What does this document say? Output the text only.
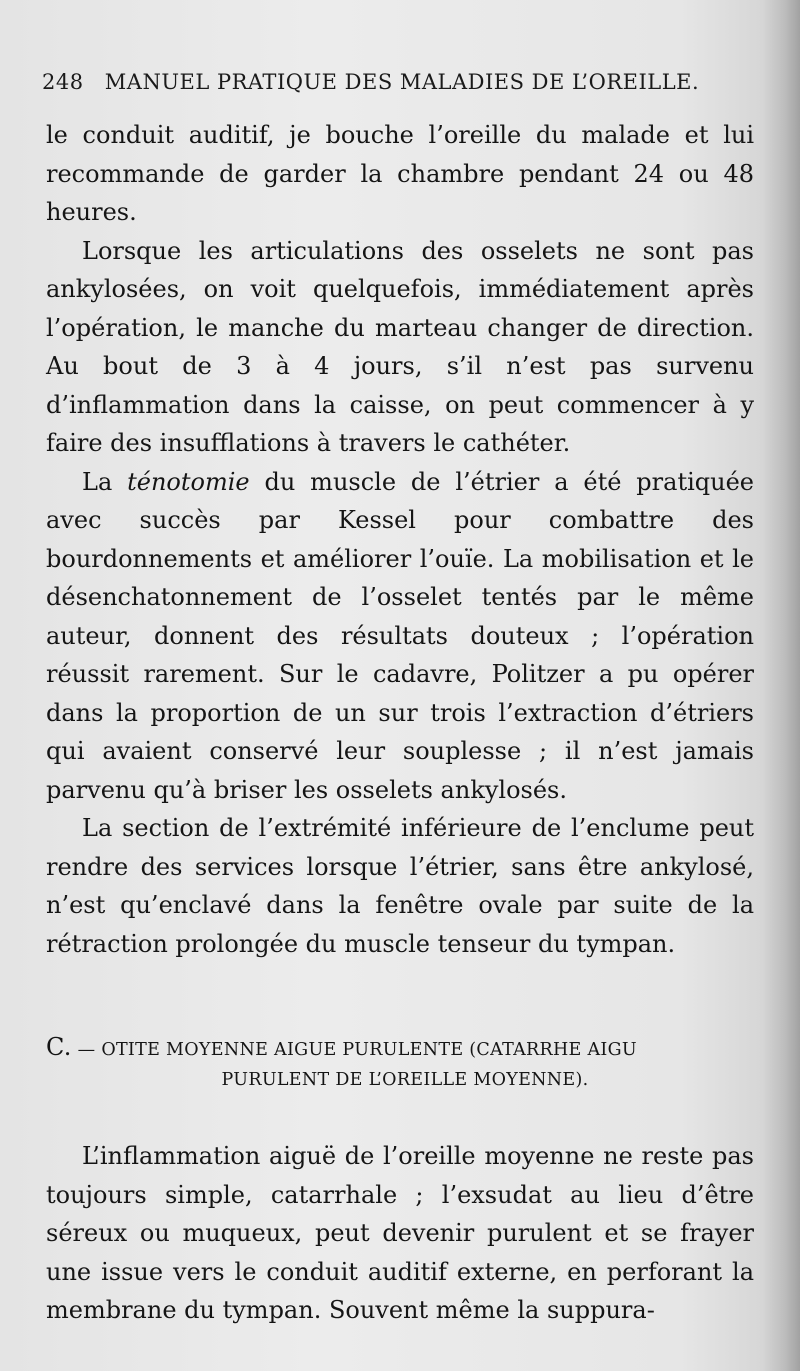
248 MANUEL PRATIQUE DES MALADIES DE L’OREILLE.

le conduit auditif, je bouche l’oreille du malade et lui recommande de garder la chambre pendant 24 ou 48 heures.

Lorsque les articulations des osselets ne sont pas ankylosées, on voit quelquefois, immédiatement après l’opération, le manche du marteau changer de direction. Au bout de 3 à 4 jours, s’il n’est pas survenu d’inflammation dans la caisse, on peut commencer à y faire des insufflations à travers le cathéter.

La ténotomie du muscle de l’étrier a été pratiquée avec succès par Kessel pour combattre des bourdonnements et améliorer l’ouïe. La mobilisation et le désenchatonnement de l’osselet tentés par le même auteur, donnent des résultats douteux ; l’opération réussit rarement. Sur le cadavre, Politzer a pu opérer dans la proportion de un sur trois l’extraction d’étriers qui avaient conservé leur souplesse ; il n’est jamais parvenu qu’à briser les osselets ankylosés.

La section de l’extrémité inférieure de l’enclume peut rendre des services lorsque l’étrier, sans être ankylosé, n’est qu’enclavé dans la fenêtre ovale par suite de la rétraction prolongée du muscle tenseur du tympan.

C. — OTITE MOYENNE AIGUE PURULENTE (CATARRHE AIGU
PURULENT DE L’OREILLE MOYENNE).

L’inflammation aiguë de l’oreille moyenne ne reste pas toujours simple, catarrhale ; l’exsudat au lieu d’être séreux ou muqueux, peut devenir purulent et se frayer une issue vers le conduit auditif externe, en perforant la membrane du tympan. Souvent même la suppura-
